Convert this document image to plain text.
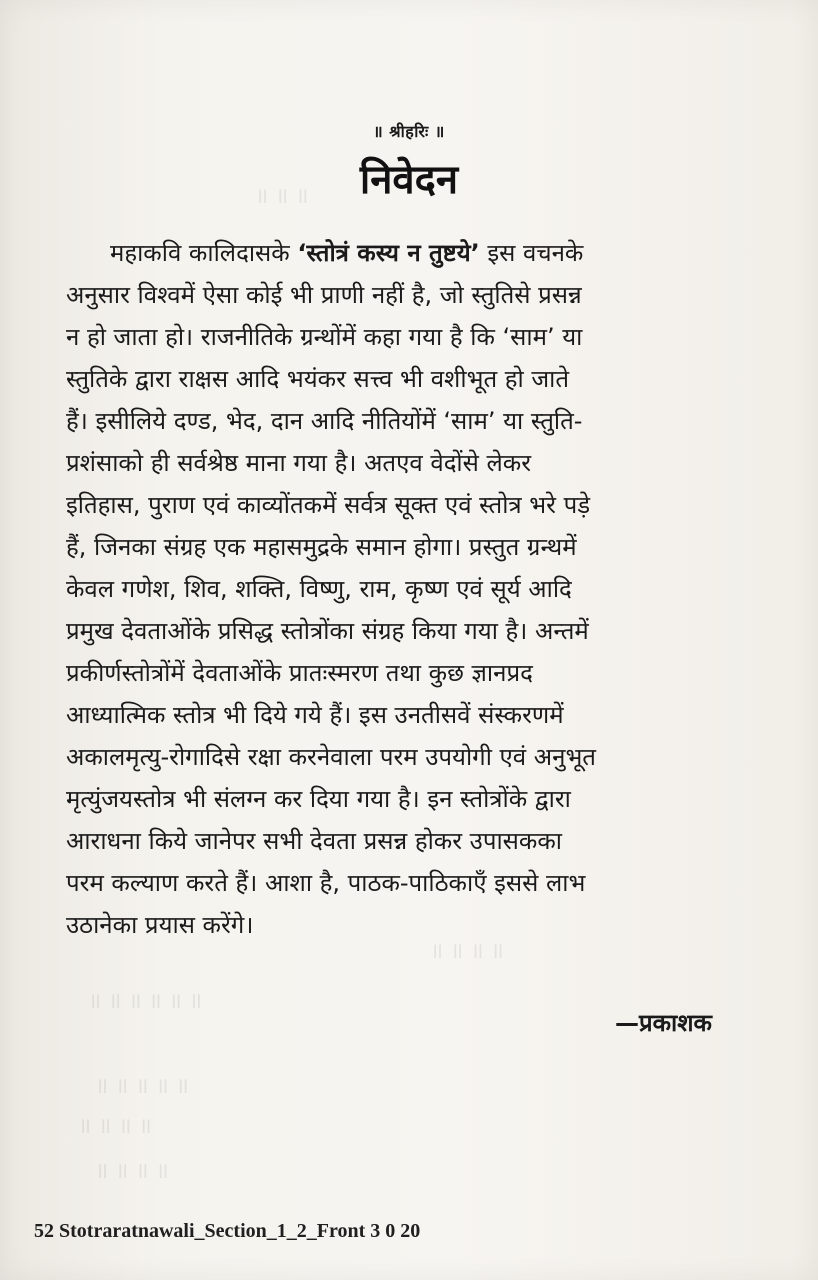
॥ ॥ ॥
॥ ॥ ॥ ॥
॥ ॥ ॥ ॥ ॥ ॥
॥ ॥ ॥ ॥ ॥
॥ ॥ ॥ ॥
॥ ॥ ॥ ॥
॥ श्रीहरिः ॥
निवेदन
महाकवि कालिदासके ‘स्तोत्रं कस्य न तुष्टये’ इस वचनके
अनुसार विश्वमें ऐसा कोई भी प्राणी नहीं है, जो स्तुतिसे प्रसन्न
न हो जाता हो। राजनीतिके ग्रन्थोंमें कहा गया है कि ‘साम’ या
स्तुतिके द्वारा राक्षस आदि भयंकर सत्त्व भी वशीभूत हो जाते
हैं। इसीलिये दण्ड, भेद, दान आदि नीतियोंमें ‘साम’ या स्तुति-
प्रशंसाको ही सर्वश्रेष्ठ माना गया है। अतएव वेदोंसे लेकर
इतिहास, पुराण एवं काव्योंतकमें सर्वत्र सूक्त एवं स्तोत्र भरे पड़े
हैं, जिनका संग्रह एक महासमुद्रके समान होगा। प्रस्तुत ग्रन्थमें
केवल गणेश, शिव, शक्ति, विष्णु, राम, कृष्ण एवं सूर्य आदि
प्रमुख देवताओंके प्रसिद्ध स्तोत्रोंका संग्रह किया गया है। अन्तमें
प्रकीर्णस्तोत्रोंमें देवताओंके प्रातःस्मरण तथा कुछ ज्ञानप्रद
आध्यात्मिक स्तोत्र भी दिये गये हैं। इस उनतीसवें संस्करणमें
अकालमृत्यु-रोगादिसे रक्षा करनेवाला परम उपयोगी एवं अनुभूत
मृत्युंजयस्तोत्र भी संलग्न कर दिया गया है। इन स्तोत्रोंके द्वारा
आराधना किये जानेपर सभी देवता प्रसन्न होकर उपासकका
परम कल्याण करते हैं। आशा है, पाठक-पाठिकाएँ इससे लाभ
उठानेका प्रयास करेंगे।
—प्रकाशक
52 Stotraratnawali_Section_1_2_Front 3 0 20
